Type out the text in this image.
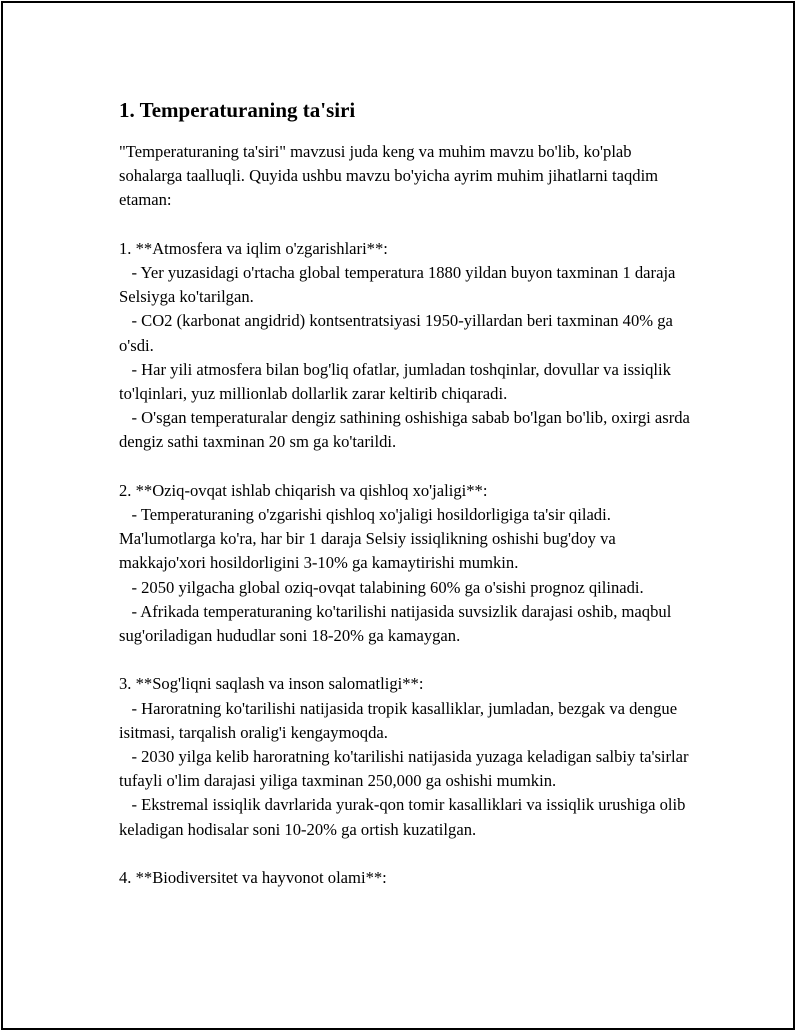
1. Temperaturaning ta'siri

"Temperaturaning ta'siri" mavzusi juda keng va muhim mavzu bo'lib, ko'plab sohalarga taalluqli. Quyida ushbu mavzu bo'yicha ayrim muhim jihatlarni taqdim etaman:

1. **Atmosfera va iqlim o'zgarishlari**:

- Yer yuzasidagi o'rtacha global temperatura 1880 yildan buyon taxminan 1 daraja Selsiyga ko'tarilgan.

- CO2 (karbonat angidrid) kontsentratsiyasi 1950-yillardan beri taxminan 40% ga o'sdi.

- Har yili atmosfera bilan bog'liq ofatlar, jumladan toshqinlar, dovullar va issiqlik to'lqinlari, yuz millionlab dollarlik zarar keltirib chiqaradi.

- O'sgan temperaturalar dengiz sathining oshishiga sabab bo'lgan bo'lib, oxirgi asrda dengiz sathi taxminan 20 sm ga ko'tarildi.

2. **Oziq-ovqat ishlab chiqarish va qishloq xo'jaligi**:

- Temperaturaning o'zgarishi qishloq xo'jaligi hosildorligiga ta'sir qiladi. Ma'lumotlarga ko'ra, har bir 1 daraja Selsiy issiqlikning oshishi bug'doy va makkajo'xori hosildorligini 3-10% ga kamaytirishi mumkin.

- 2050 yilgacha global oziq-ovqat talabining 60% ga o'sishi prognoz qilinadi.

- Afrikada temperaturaning ko'tarilishi natijasida suvsizlik darajasi oshib, maqbul sug'oriladigan hududlar soni 18-20% ga kamaygan.

3. **Sog'liqni saqlash va inson salomatligi**:

- Haroratning ko'tarilishi natijasida tropik kasalliklar, jumladan, bezgak va dengue isitmasi, tarqalish oralig'i kengaymoqda.

- 2030 yilga kelib haroratning ko'tarilishi natijasida yuzaga keladigan salbiy ta'sirlar tufayli o'lim darajasi yiliga taxminan 250,000 ga oshishi mumkin.

- Ekstremal issiqlik davrlarida yurak-qon tomir kasalliklari va issiqlik urushiga olib keladigan hodisalar soni 10-20% ga ortish kuzatilgan.

4. **Biodiversitet va hayvonot olami**:
